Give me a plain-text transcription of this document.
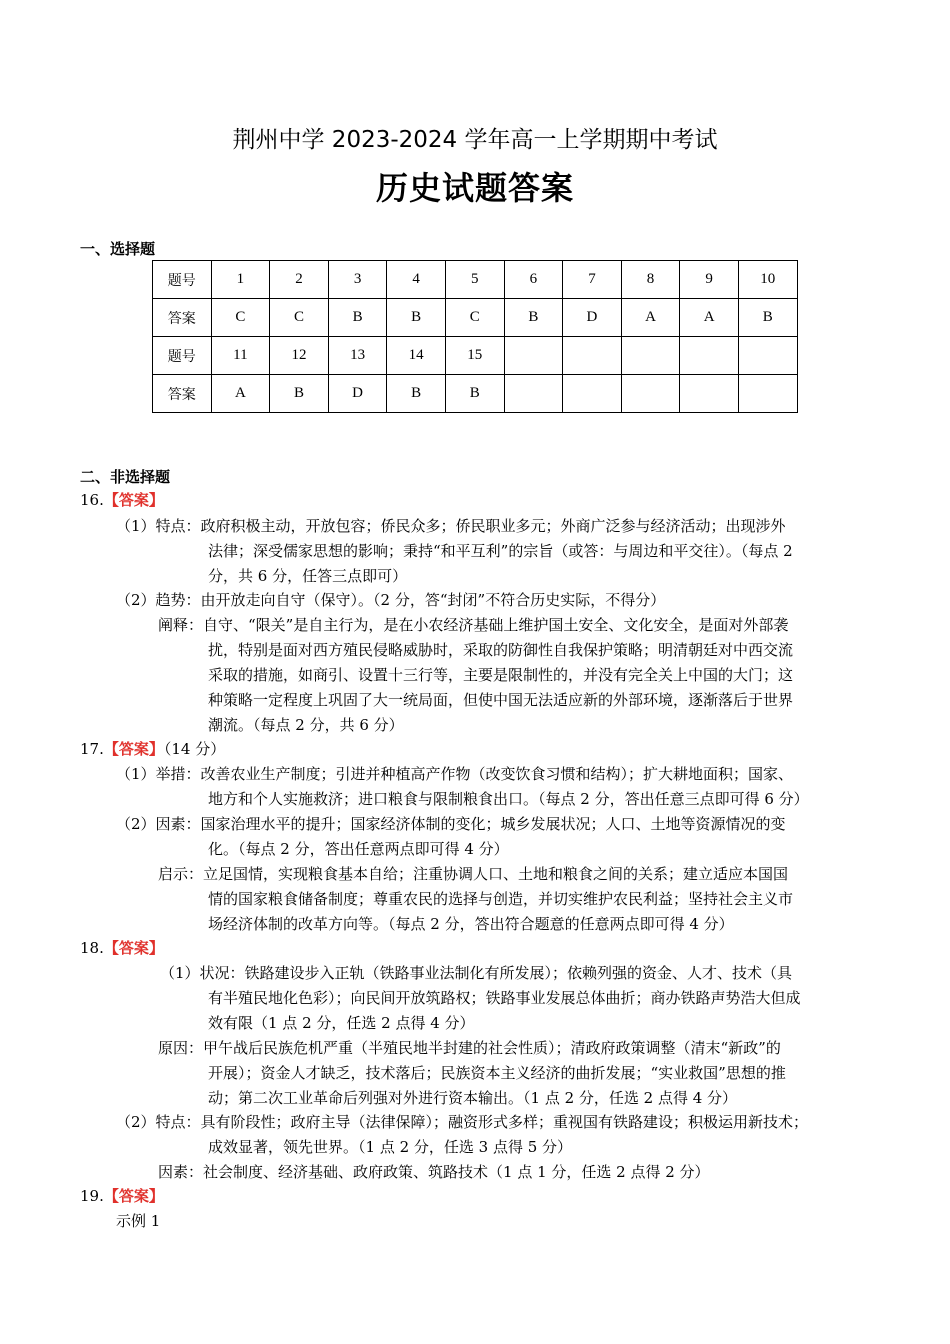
荆州中学 2023-2024 学年高一上学期期中考试
历史试题答案
一、选择题
题号	1	2	3	4	5	6	7	8	9	10
答案	C	C	B	B	C	B	D	A	A	B
题号	11	12	13	14	15					
答案	A	B	D	B	B					
二、非选择题
16.【答案】
（1）特点：政府积极主动，开放包容；侨民众多；侨民职业多元；外商广泛参与经济活动；出现涉外
法律；深受儒家思想的影响；秉持“和平互利”的宗旨（或答：与周边和平交往）。（每点 2
分，共 6 分，任答三点即可）
（2）趋势：由开放走向自守（保守）。（2 分，答“封闭”不符合历史实际，不得分）
阐释：自守、“限关”是自主行为，是在小农经济基础上维护国土安全、文化安全，是面对外部袭
扰，特别是面对西方殖民侵略威胁时，采取的防御性自我保护策略；明清朝廷对中西交流
采取的措施，如商引、设置十三行等，主要是限制性的，并没有完全关上中国的大门；这
种策略一定程度上巩固了大一统局面，但使中国无法适应新的外部环境，逐渐落后于世界
潮流。（每点 2 分，共 6 分）
17.【答案】（14 分）
（1）举措：改善农业生产制度；引进并种植高产作物（改变饮食习惯和结构）；扩大耕地面积；国家、
地方和个人实施救济；进口粮食与限制粮食出口。（每点 2 分，答出任意三点即可得 6 分）
（2）因素：国家治理水平的提升；国家经济体制的变化；城乡发展状况；人口、土地等资源情况的变
化。（每点 2 分，答出任意两点即可得 4 分）
启示：立足国情，实现粮食基本自给；注重协调人口、土地和粮食之间的关系；建立适应本国国
情的国家粮食储备制度；尊重农民的选择与创造，并切实维护农民利益；坚持社会主义市
场经济体制的改革方向等。（每点 2 分，答出符合题意的任意两点即可得 4 分）
18.【答案】
（1）状况：铁路建设步入正轨（铁路事业法制化有所发展）；依赖列强的资金、人才、技术（具
有半殖民地化色彩）；向民间开放筑路权；铁路事业发展总体曲折；商办铁路声势浩大但成
效有限（1 点 2 分，任选 2 点得 4 分）
原因：甲午战后民族危机严重（半殖民地半封建的社会性质）；清政府政策调整（清末“新政”的
开展）；资金人才缺乏，技术落后；民族资本主义经济的曲折发展；“实业救国”思想的推
动；第二次工业革命后列强对外进行资本输出。（1 点 2 分，任选 2 点得 4 分）
（2）特点：具有阶段性；政府主导（法律保障）；融资形式多样；重视国有铁路建设；积极运用新技术；
成效显著，领先世界。（1 点 2 分，任选 3 点得 5 分）
因素：社会制度、经济基础、政府政策、筑路技术（1 点 1 分，任选 2 点得 2 分）
19.【答案】
示例 1
